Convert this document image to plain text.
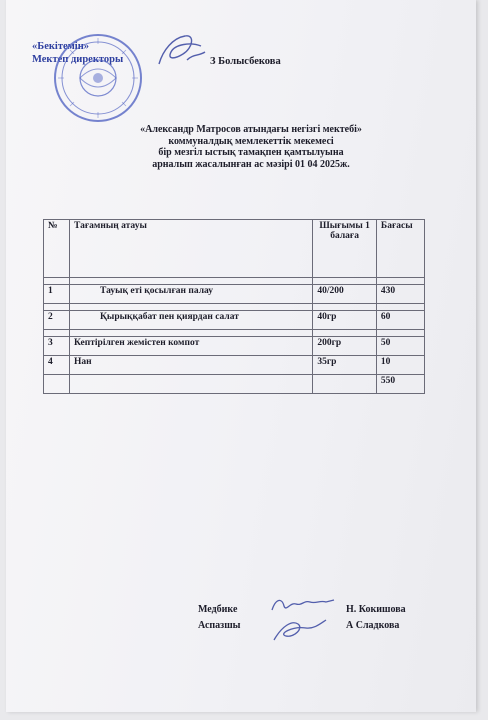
«Бекітемін»
Мектеп директоры	З Болысбекова
«Александр Матросов атындағы негізгі мектебі»
коммуналдық мемлекеттік мекемесі
бір мезгіл ыстық тамақпен қамтылуына
арналып жасалынған ас мәзірі 01 04 2025ж.
№	Тағамның атауы	Шығымы 1 балаға	Бағасы

1	Тауық еті қосылған палау	40/200	430

2	Қырыққабат пен қиярдан салат	40гр	60

3	Кептірілген жемістен компот	200гр	50
4	Нан	35гр	10
			550
Медбике
Аспазшы
Н. Кокишова
А Сладкова
